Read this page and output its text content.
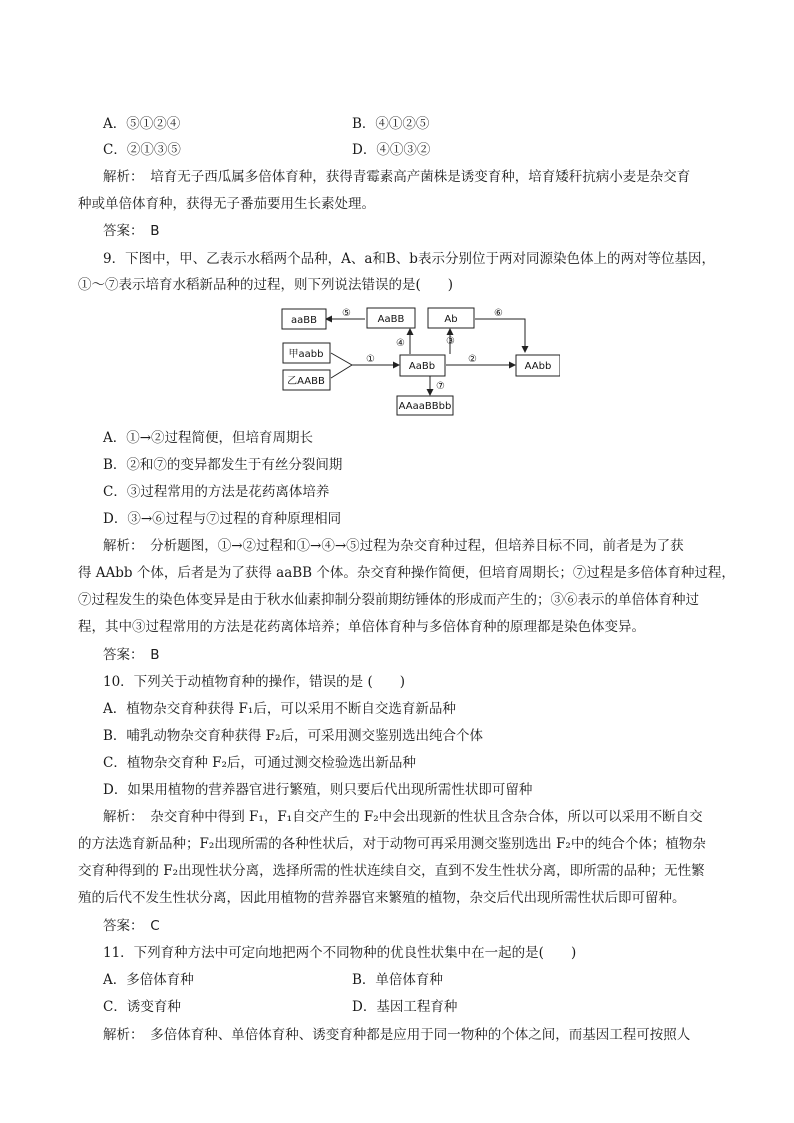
A．⑤①②④	B．④①②⑤
C．②①③⑤	D．④①③②
解析：　培育无子西瓜属多倍体育种，获得青霉素高产菌株是诱变育种，培育矮秆抗病小麦是杂交育
种或单倍体育种，获得无子番茄要用生长素处理。
答案：　B
9．下图中，甲、乙表示水稻两个品种，A、a和B、b表示分别位于两对同源染色体上的两对等位基因，
①～⑦表示培育水稻新品种的过程，则下列说法错误的是(　　)
aaBB	AaBB	Ab
甲aabb
乙AABB
AaBb	AAbb
AAaaBBbb
①	②
③
④
⑤	⑥
⑦
A．①→②过程简便，但培育周期长
B．②和⑦的变异都发生于有丝分裂间期
C．③过程常用的方法是花药离体培养
D．③→⑥过程与⑦过程的育种原理相同
解析：　分析题图，①→②过程和①→④→⑤过程为杂交育种过程，但培养目标不同，前者是为了获
得 AAbb 个体，后者是为了获得 aaBB 个体。杂交育种操作简便，但培育周期长；⑦过程是多倍体育种过程，
⑦过程发生的染色体变异是由于秋水仙素抑制分裂前期纺锤体的形成而产生的；③⑥表示的单倍体育种过
程，其中③过程常用的方法是花药离体培养；单倍体育种与多倍体育种的原理都是染色体变异。
答案：　B
10．下列关于动植物育种的操作，错误的是 (　　)
A．植物杂交育种获得 F₁后，可以采用不断自交选育新品种
B．哺乳动物杂交育种获得 F₂后，可采用测交鉴别选出纯合个体
C．植物杂交育种 F₂后，可通过测交检验选出新品种
D．如果用植物的营养器官进行繁殖，则只要后代出现所需性状即可留种
解析：　杂交育种中得到 F₁，F₁自交产生的 F₂中会出现新的性状且含杂合体，所以可以采用不断自交
的方法选育新品种；F₂出现所需的各种性状后，对于动物可再采用测交鉴别选出 F₂中的纯合个体；植物杂
交育种得到的 F₂出现性状分离，选择所需的性状连续自交，直到不发生性状分离，即所需的品种；无性繁
殖的后代不发生性状分离，因此用植物的营养器官来繁殖的植物，杂交后代出现所需性状后即可留种。
答案：　C
11．下列育种方法中可定向地把两个不同物种的优良性状集中在一起的是(　　)
A．多倍体育种	B．单倍体育种
C．诱变育种	D．基因工程育种
解析：　多倍体育种、单倍体育种、诱变育种都是应用于同一物种的个体之间，而基因工程可按照人
